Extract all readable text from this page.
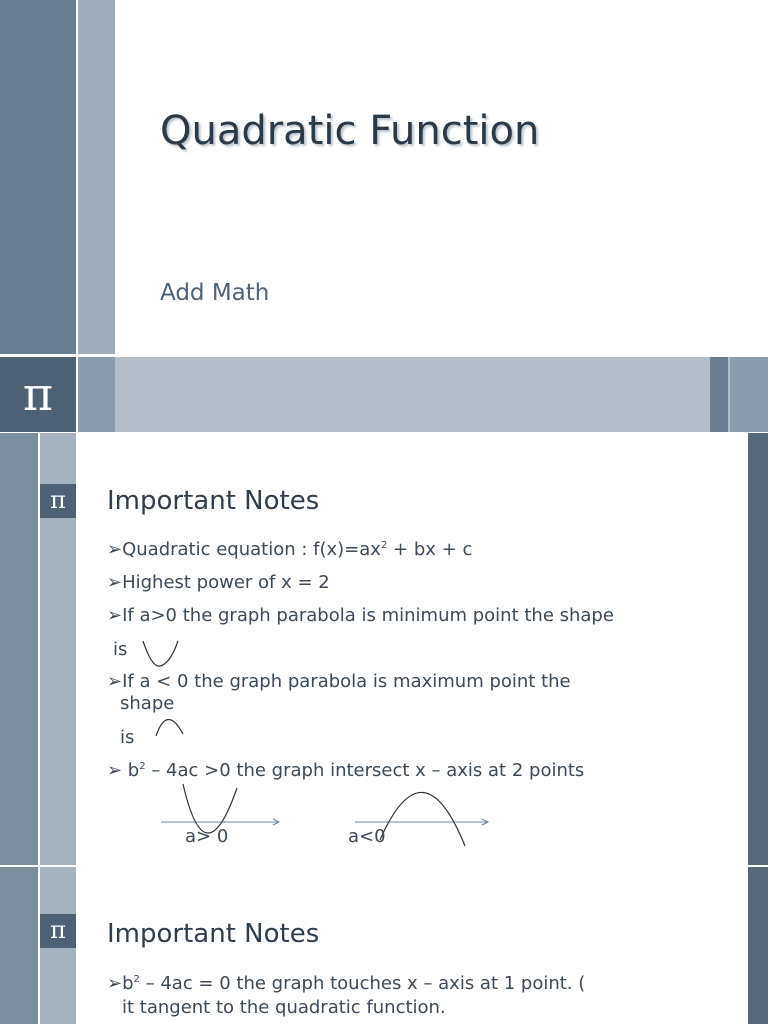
Quadratic Function
Add Math
π
π	Important Notes
➢Quadratic equation : $f(x)=ax^2$ + bx + c
➢Highest power of x = 2
➢If a>0 the graph parabola is minimum point the shape
is
➢If a < 0 the graph parabola is maximum point the
shape
is
➢ $b^2 - 4ac >0$ the graph intersect x – axis at 2 points
a> 0	a<0
π	Important Notes
$➢b^2 - 4ac = 0$ the graph touches x – axis at 1 point. (
it tangent to the quadratic function.
